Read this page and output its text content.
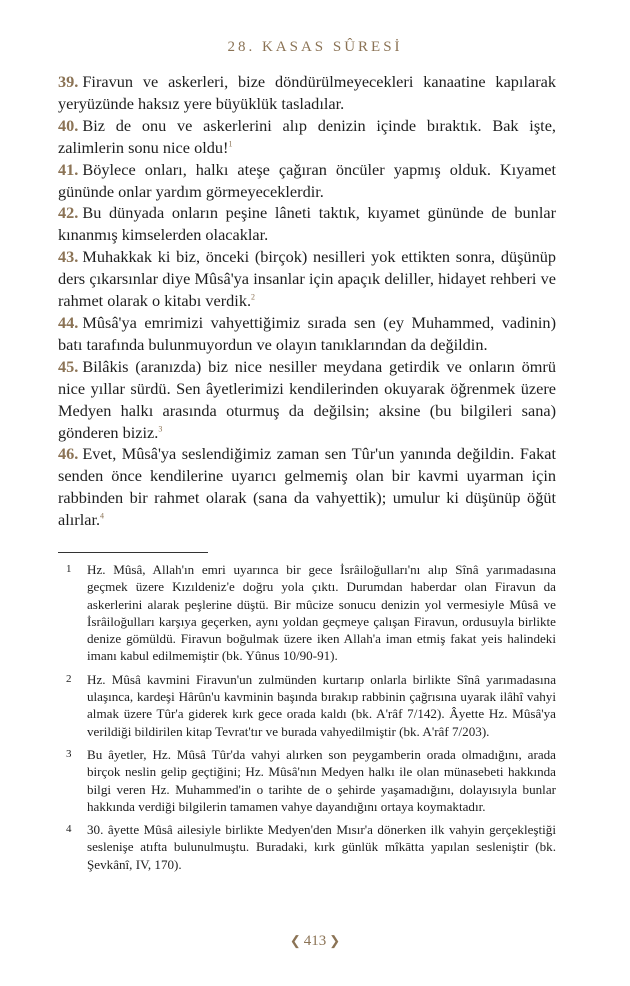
28. KASAS SÛRESİ

39. Firavun ve askerleri, bize döndürülmeyecekleri kanaatine kapılarak yeryüzünde haksız yere büyüklük tasladılar.

40. Biz de onu ve askerlerini alıp denizin içinde bıraktık. Bak işte, zalimlerin sonu nice oldu!$^1$

41. Böylece onları, halkı ateşe çağıran öncüler yapmış olduk. Kıyamet gününde onlar yardım görmeyeceklerdir.

42. Bu dünyada onların peşine lâneti taktık, kıyamet gününde de bunlar kınanmış kimselerden olacaklar.

43. Muhakkak ki biz, önceki (birçok) nesilleri yok ettikten sonra, düşünüp ders çıkarsınlar diye Mûsâ'ya insanlar için apaçık deliller, hidayet rehberi ve rahmet olarak o kitabı verdik.$^2$

44. Mûsâ'ya emrimizi vahyettiğimiz sırada sen (ey Muhammed, vadinin) batı tarafında bulunmuyordun ve olayın tanıklarından da değildin.

45. Bilâkis (aranızda) biz nice nesiller meydana getirdik ve onların ömrü nice yıllar sürdü. Sen âyetlerimizi kendilerinden okuyarak öğrenmek üzere Medyen halkı arasında oturmuş da değilsin; aksine (bu bilgileri sana) gönderen biziz.$^3$

46. Evet, Mûsâ'ya seslendiğimiz zaman sen Tûr'un yanında değildin. Fakat senden önce kendilerine uyarıcı gelmemiş olan bir kavmi uyarman için rabbinden bir rahmet olarak (sana da vahyettik); umulur ki düşünüp öğüt alırlar.$^4$

1	Hz. Mûsâ, Allah'ın emri uyarınca bir gece İsrâiloğulları'nı alıp Sînâ yarımadasına geçmek üzere Kızıldeniz'e doğru yola çıktı. Durumdan haberdar olan Firavun da askerlerini alarak peşlerine düştü. Bir mûcize sonucu denizin yol vermesiyle Mûsâ ve İsrâiloğulları karşıya geçerken, aynı yoldan geçmeye çalışan Firavun, ordusuyla birlikte denize gömüldü. Firavun boğulmak üzere iken Allah'a iman etmiş fakat yeis halindeki imanı kabul edilmemiştir (bk. Yûnus 10/90-91).
2	Hz. Mûsâ kavmini Firavun'un zulmünden kurtarıp onlarla birlikte Sînâ yarımadasına ulaşınca, kardeşi Hârûn'u kavminin başında bırakıp rabbinin çağrısına uyarak ilâhî vahyi almak üzere Tûr'a giderek kırk gece orada kaldı (bk. A'râf 7/142). Âyette Hz. Mûsâ'ya verildiği bildirilen kitap Tevrat'tır ve burada vahyedilmiştir (bk. A'râf 7/203).
3	Bu âyetler, Hz. Mûsâ Tûr'da vahyi alırken son peygamberin orada olmadığını, arada birçok neslin gelip geçtiğini; Hz. Mûsâ'nın Medyen halkı ile olan münasebeti hakkında bilgi veren Hz. Muhammed'in o tarihte de o şehirde yaşamadığını, dolayısıyla bunlar hakkında verdiği bilgilerin tamamen vahye dayandığını ortaya koymaktadır.
4	30. âyette Mûsâ ailesiyle birlikte Medyen'den Mısır'a dönerken ilk vahyin gerçekleştiği seslenişe atıfta bulunulmuştu. Buradaki, kırk günlük mîkātta yapılan sesleniştir (bk. Şevkânî, IV, 170).
❮ 413 ❯
